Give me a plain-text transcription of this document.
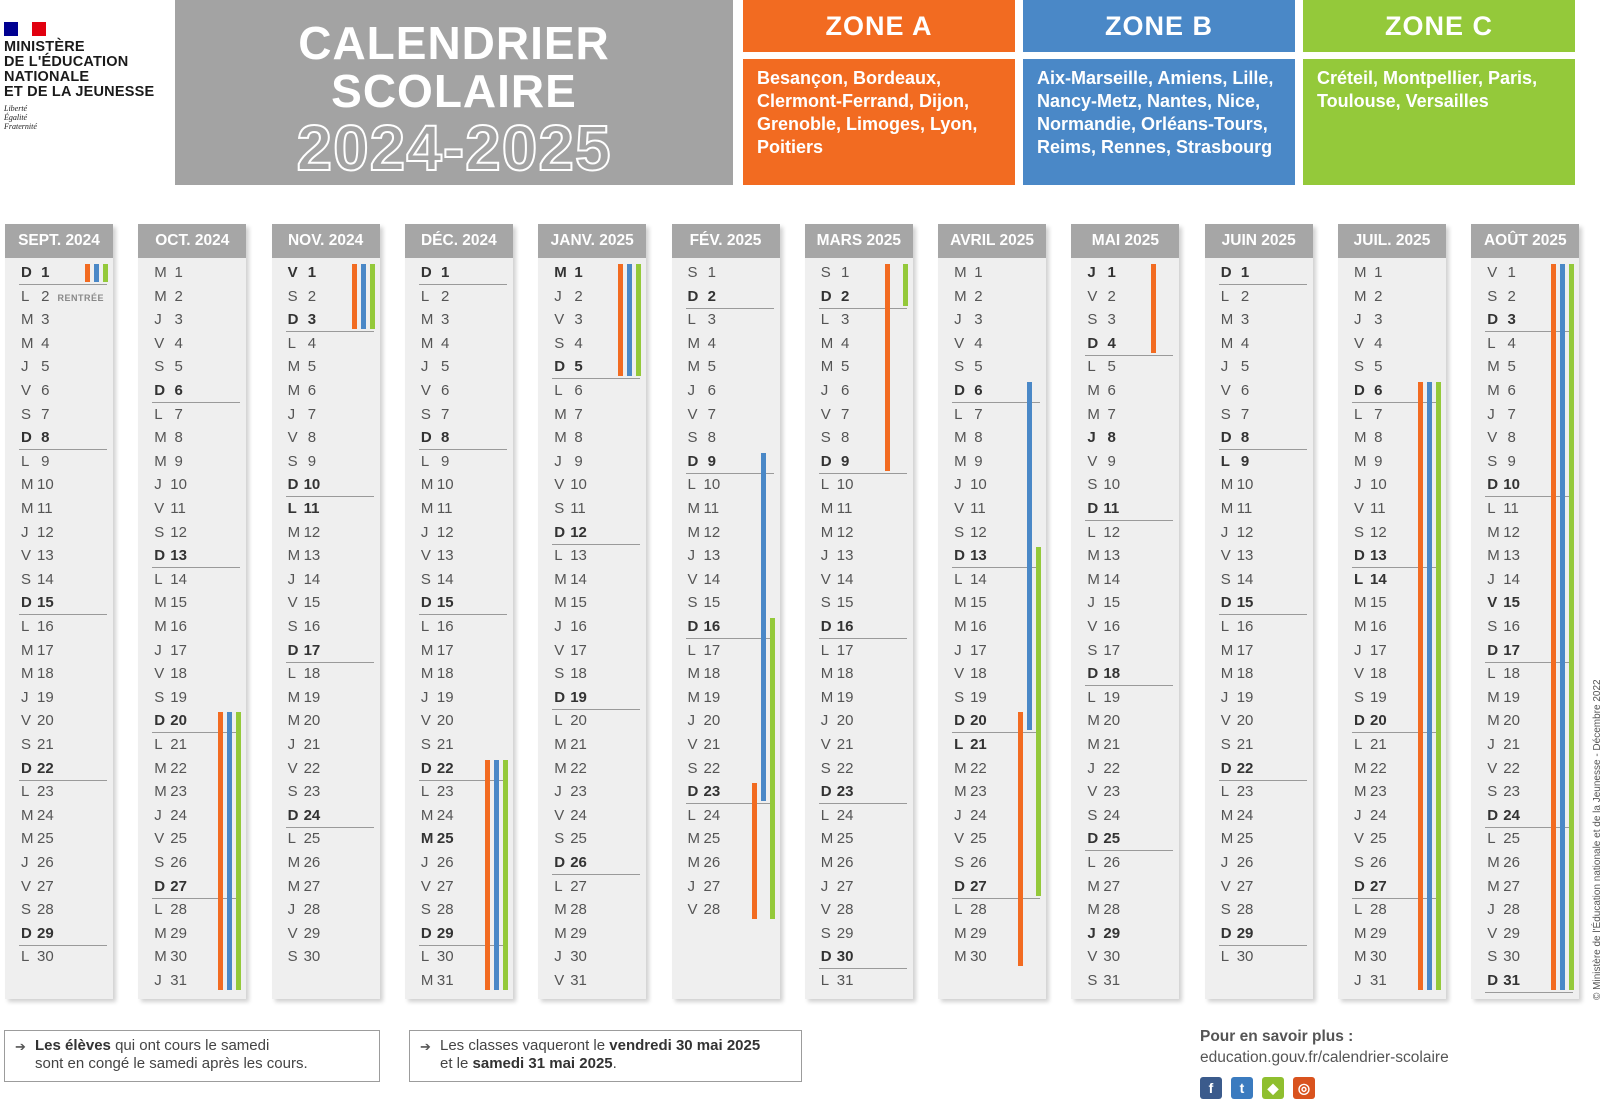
MINISTÈRE
DE L'ÉDUCATION
NATIONALE
ET DE LA JEUNESSE
Liberté
Égalité
Fraternité
CALENDRIER
SCOLAIRE
2024-2025
ZONE A
Besançon, Bordeaux, Clermont-Ferrand, Dijon, Grenoble, Limoges, Lyon, Poitiers
ZONE B
Aix-Marseille, Amiens, Lille, Nancy-Metz, Nantes, Nice, Normandie, Orléans-Tours, Reims, Rennes, Strasbourg
ZONE C
Créteil, Montpellier, Paris, Toulouse, Versailles
SEPT. 2024
D 1
L 2 RENTRÉE
M 3
M 4
J 5
V 6
S 7
D 8
L 9
M 10
M 11
J 12
V 13
S 14
D 15
L 16
M 17
M 18
J 19
V 20
S 21
D 22
L 23
M 24
M 25
J 26
V 27
S 28
D 29
L 30
OCT. 2024
M 1
M 2
J 3
V 4
S 5
D 6
L 7
M 8
M 9
J 10
V 11
S 12
D 13
L 14
M 15
M 16
J 17
V 18
S 19
D 20
L 21
M 22
M 23
J 24
V 25
S 26
D 27
L 28
M 29
M 30
J 31
NOV. 2024
V 1
S 2
D 3
L 4
M 5
M 6
J 7
V 8
S 9
D 10
L 11
M 12
M 13
J 14
V 15
S 16
D 17
L 18
M 19
M 20
J 21
V 22
S 23
D 24
L 25
M 26
M 27
J 28
V 29
S 30
DÉC. 2024
D 1
L 2
M 3
M 4
J 5
V 6
S 7
D 8
L 9
M 10
M 11
J 12
V 13
S 14
D 15
L 16
M 17
M 18
J 19
V 20
S 21
D 22
L 23
M 24
M 25
J 26
V 27
S 28
D 29
L 30
M 31
JANV. 2025
M 1
J 2
V 3
S 4
D 5
L 6
M 7
M 8
J 9
V 10
S 11
D 12
L 13
M 14
M 15
J 16
V 17
S 18
D 19
L 20
M 21
M 22
J 23
V 24
S 25
D 26
L 27
M 28
M 29
J 30
V 31
FÉV. 2025
S 1
D 2
L 3
M 4
M 5
J 6
V 7
S 8
D 9
L 10
M 11
M 12
J 13
V 14
S 15
D 16
L 17
M 18
M 19
J 20
V 21
S 22
D 23
L 24
M 25
M 26
J 27
V 28
MARS 2025
S 1
D 2
L 3
M 4
M 5
J 6
V 7
S 8
D 9
L 10
M 11
M 12
J 13
V 14
S 15
D 16
L 17
M 18
M 19
J 20
V 21
S 22
D 23
L 24
M 25
M 26
J 27
V 28
S 29
D 30
L 31
AVRIL 2025
M 1
M 2
J 3
V 4
S 5
D 6
L 7
M 8
M 9
J 10
V 11
S 12
D 13
L 14
M 15
M 16
J 17
V 18
S 19
D 20
L 21
M 22
M 23
J 24
V 25
S 26
D 27
L 28
M 29
M 30
MAI 2025
J 1
V 2
S 3
D 4
L 5
M 6
M 7
J 8
V 9
S 10
D 11
L 12
M 13
M 14
J 15
V 16
S 17
D 18
L 19
M 20
M 21
J 22
V 23
S 24
D 25
L 26
M 27
M 28
J 29
V 30
S 31
JUIN 2025
D 1
L 2
M 3
M 4
J 5
V 6
S 7
D 8
L 9
M 10
M 11
J 12
V 13
S 14
D 15
L 16
M 17
M 18
J 19
V 20
S 21
D 22
L 23
M 24
M 25
J 26
V 27
S 28
D 29
L 30
JUIL. 2025
M 1
M 2
J 3
V 4
S 5
D 6
L 7
M 8
M 9
J 10
V 11
S 12
D 13
L 14
M 15
M 16
J 17
V 18
S 19
D 20
L 21
M 22
M 23
J 24
V 25
S 26
D 27
L 28
M 29
M 30
J 31
AOÛT 2025
V 1
S 2
D 3
L 4
M 5
M 6
J 7
V 8
S 9
D 10
L 11
M 12
M 13
J 14
V 15
S 16
D 17
L 18
M 19
M 20
J 21
V 22
S 23
D 24
L 25
M 26
M 27
J 28
V 29
S 30
D 31
➔ Les élèves qui ont cours le samedi
sont en congé le samedi après les cours.
➔ Les classes vaqueront le vendredi 30 mai 2025
et le samedi 31 mai 2025.
Pour en savoir plus :
education.gouv.fr/calendrier-scolaire
f	t	◆	◎
© Ministère de l'Éducation nationale et de la Jeunesse - Décembre 2022
